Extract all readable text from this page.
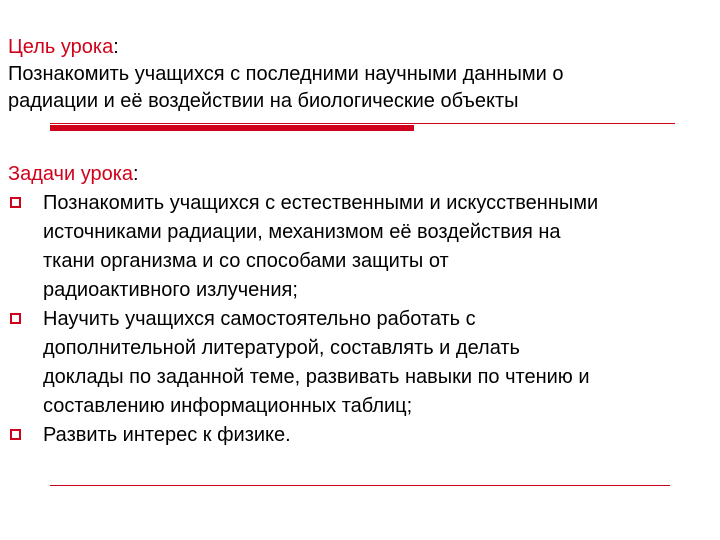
Цель урока:
Познакомить учащихся с последними научными данными о
радиации и её воздействии на биологические объекты
Задачи урока:
Познакомить учащихся с естественными и искусственными
источниками радиации, механизмом её воздействия на
ткани организма и со способами защиты от
радиоактивного излучения;
Научить учащихся самостоятельно работать с
дополнительной литературой, составлять и делать
доклады по заданной теме, развивать навыки по чтению и
составлению информационных таблиц;
Развить интерес к физике.
